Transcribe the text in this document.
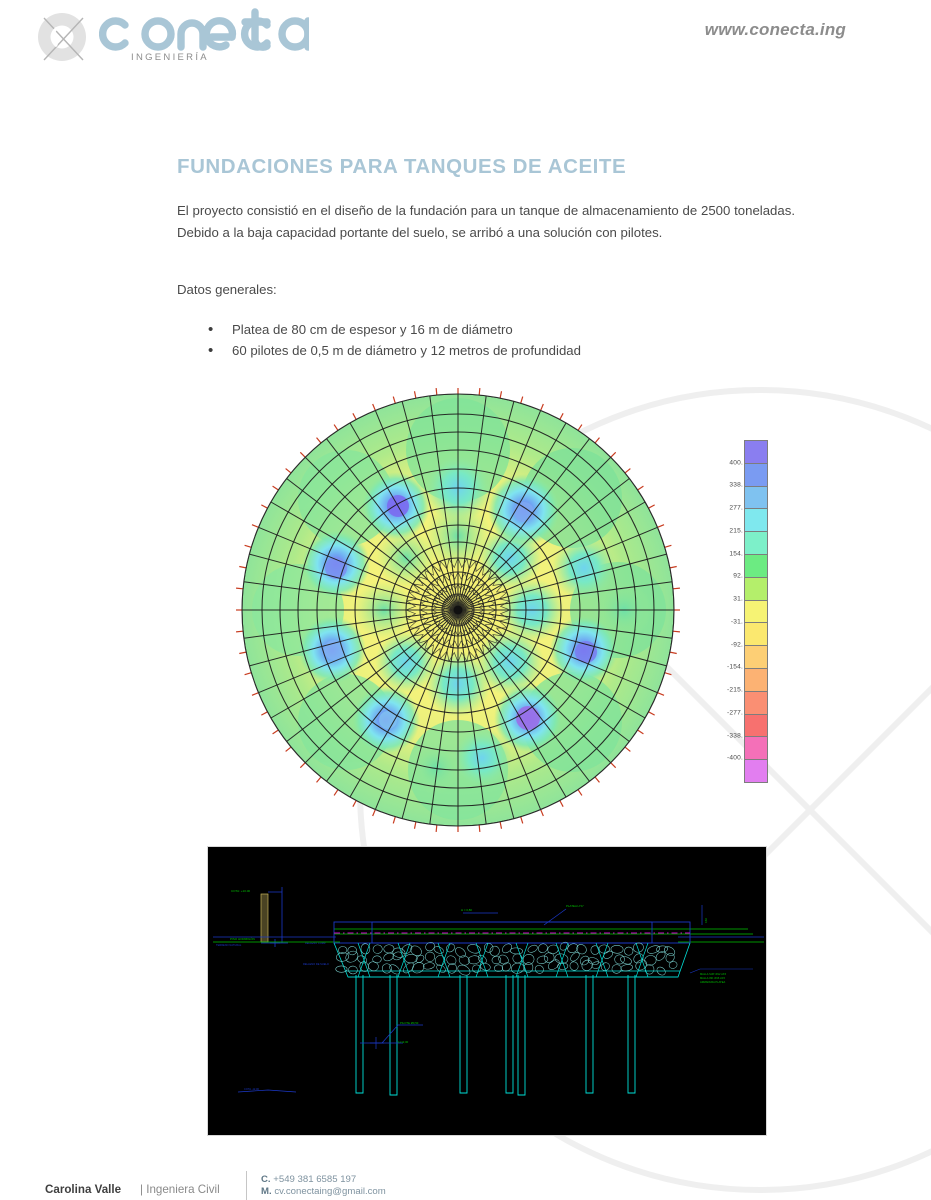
INGENIERÍA
www.conecta.ing
FUNDACIONES PARA TANQUES DE ACEITE
El proyecto consistió en el diseño de la fundación para un tanque de almacenamiento de 2500 toneladas. Debido a la baja capacidad portante del suelo, se arribó a una solución con pilotes.
Datos generales:
• Platea de 80 cm de espesor y 16 m de diámetro
• 60 pilotes de 0,5 m de diámetro y 12 metros de profundidad
400.
338.
277.
215.
154.
92.
31.
-31.
-92.
-154.
-215.
-277.
-338.
-400.
COTA: +10.00
PISO HORMIGÓN
TERRENO NATURAL
RELLENO COMP.
PLATEA H°A°
H = 0,80
0,80
RELLENO DE SUELO
MALLA SUP. Ø12 c/15
MALLA INF. Ø16 c/15
ARMADURA PLATEA
PILOTE Ø0,50
L=12,00
COTA -12,00
Carolina Valle | Ingeniera Civil
C. +549 381 6585 197
M. cv.conectaing@gmail.com
